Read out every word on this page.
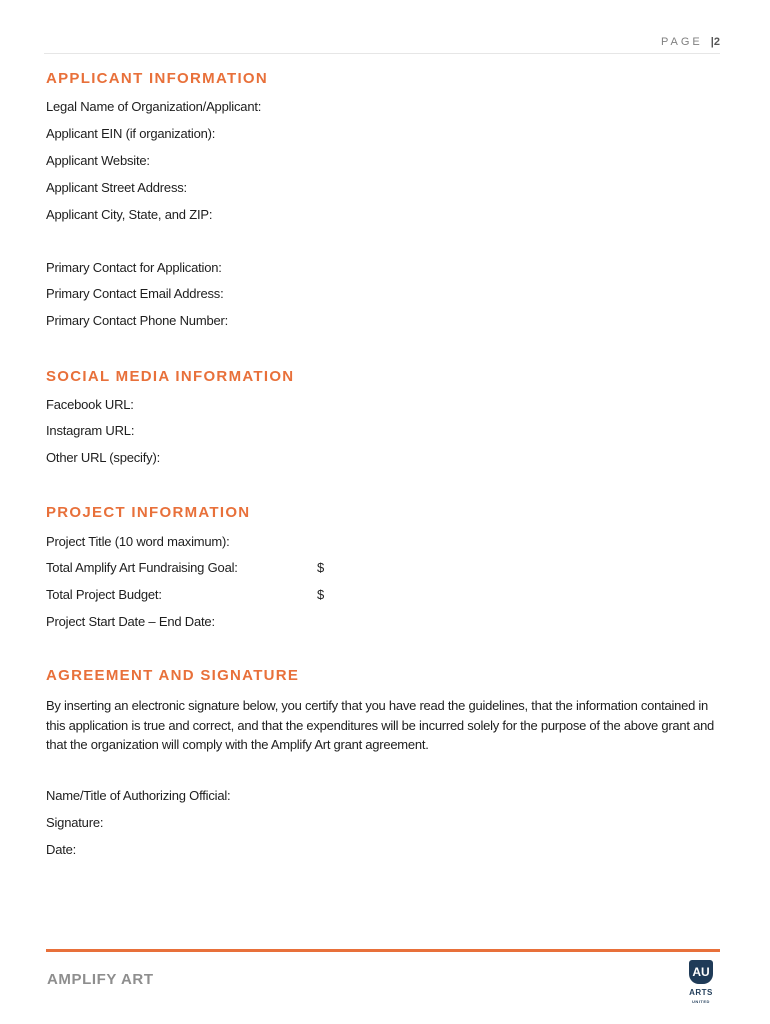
PAGE |2
APPLICANT INFORMATION

Legal Name of Organization/Applicant:

Applicant EIN (if organization):

Applicant Website:

Applicant Street Address:

Applicant City, State, and ZIP:

Primary Contact for Application:

Primary Contact Email Address:

Primary Contact Phone Number:

SOCIAL MEDIA INFORMATION

Facebook URL:

Instagram URL:

Other URL (specify):

PROJECT INFORMATION

Project Title (10 word maximum):

Total Amplify Art Fundraising Goal:	$

Total Project Budget:	$

Project Start Date – End Date:

AGREEMENT AND SIGNATURE

By inserting an electronic signature below, you certify that you have read the guidelines, that the information contained in this application is true and correct, and that the expenditures will be incurred solely for the purpose of the above grant and that the organization will comply with the Amplify Art grant agreement.

Name/Title of Authorizing Official:

Signature:

Date:

AMPLIFY ART	AU
ARTS
UNITED
